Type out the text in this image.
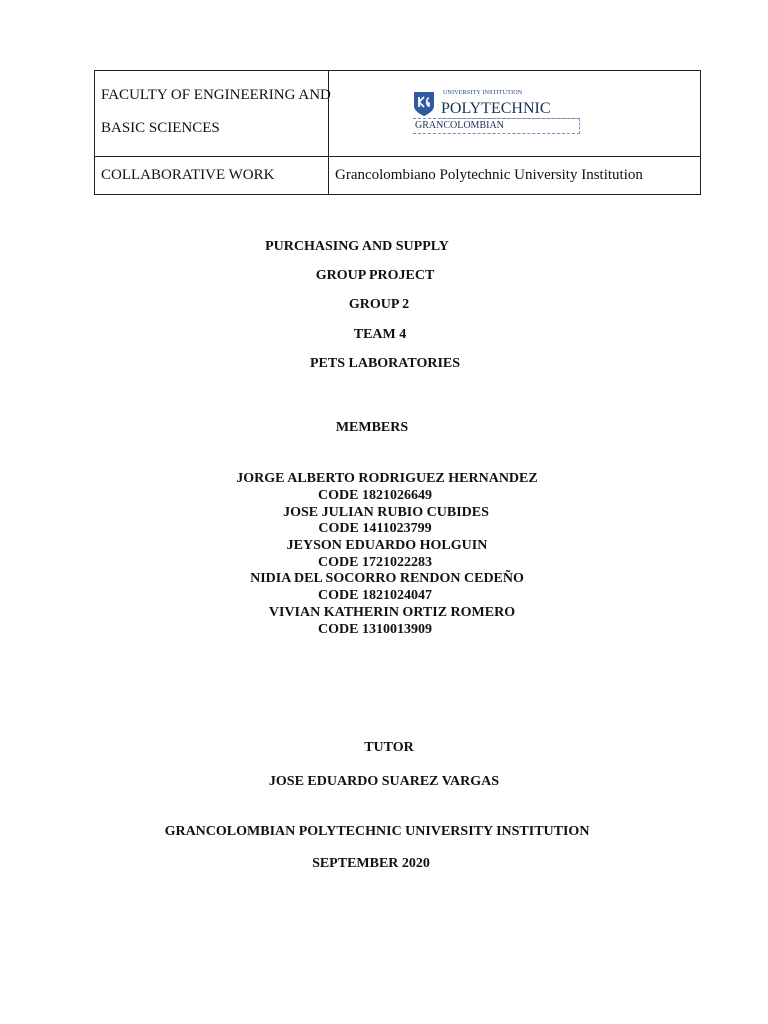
FACULTY OF ENGINEERING AND
BASIC SCIENCES	UNIVERSITY INSTITUTION
POLYTECHNIC
GRANCOLOMBIAN

COLLABORATIVE WORK	Grancolombiano Polytechnic University Institution
PURCHASING AND SUPPLY
GROUP PROJECT
GROUP 2
TEAM 4
PETS LABORATORIES
MEMBERS
JORGE ALBERTO RODRIGUEZ HERNANDEZ
CODE 1821026649
JOSE JULIAN RUBIO CUBIDES
CODE 1411023799
JEYSON EDUARDO HOLGUIN
CODE 1721022283
NIDIA DEL SOCORRO RENDON CEDEÑO
CODE 1821024047
VIVIAN KATHERIN ORTIZ ROMERO
CODE 1310013909
TUTOR
JOSE EDUARDO SUAREZ VARGAS
GRANCOLOMBIAN POLYTECHNIC UNIVERSITY INSTITUTION
SEPTEMBER 2020
